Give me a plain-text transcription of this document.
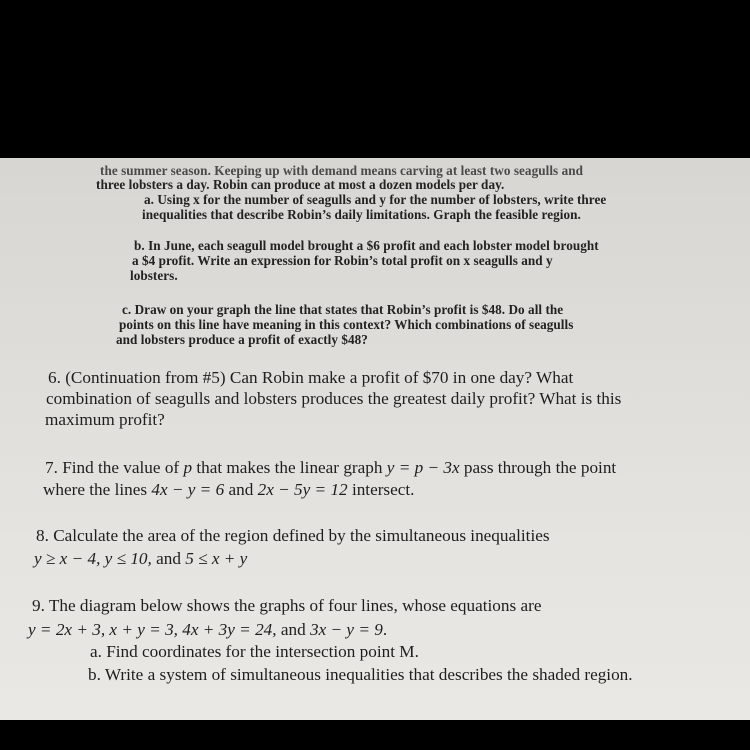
the summer season. Keeping up with demand means carving at least two seagulls and
three lobsters a day. Robin can produce at most a dozen models per day.
a. Using x for the number of seagulls and y for the number of lobsters, write three
inequalities that describe Robin’s daily limitations. Graph the feasible region.
b. In June, each seagull model brought a $6 profit and each lobster model brought
a $4 profit. Write an expression for Robin’s total profit on x seagulls and y
lobsters.
c. Draw on your graph the line that states that Robin’s profit is $48. Do all the
points on this line have meaning in this context? Which combinations of seagulls
and lobsters produce a profit of exactly $48?
6. (Continuation from #5) Can Robin make a profit of $70 in one day? What
combination of seagulls and lobsters produces the greatest daily profit? What is this
maximum profit?
7. Find the value of p that makes the linear graph y = p − 3x pass through the point
where the lines 4x − y = 6 and 2x − 5y = 12 intersect.
8. Calculate the area of the region defined by the simultaneous inequalities
y ≥ x − 4, y ≤ 10, and 5 ≤ x + y
9. The diagram below shows the graphs of four lines, whose equations are
y = 2x + 3, x + y = 3, 4x + 3y = 24, and 3x − y = 9.
a. Find coordinates for the intersection point M.
b. Write a system of simultaneous inequalities that describes the shaded region.
